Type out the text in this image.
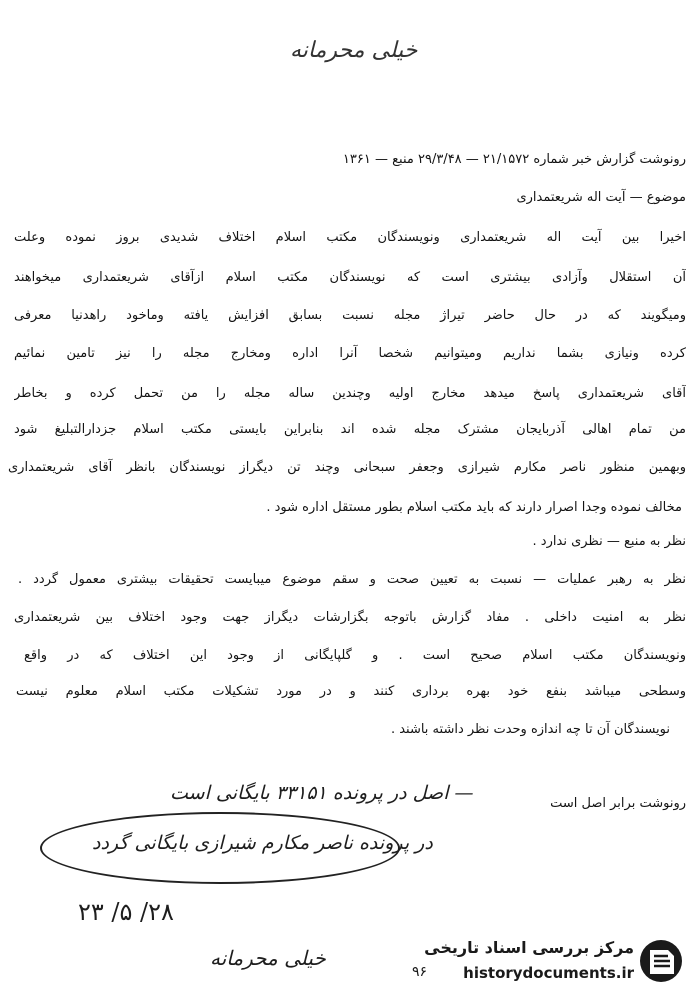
خیلی محرمانه
رونوشت گزارش خبر شماره ۲۱/۱۵۷۲ — ۲۹/۳/۴۸ منبع — ۱۳۶۱
موضوع — آیت اله شریعتمداری
اخیرا بین آیت اله شریعتمداری ونویسندگان مکتب اسلام اختلاف شدیدی بروز نموده وعلت
آن استقلال وآزادی بیشتری است که نویسندگان مکتب اسلام ازآقای شریعتمداری میخواهند
ومیگویند که در حال حاضر تیراژ مجله نسبت بسابق افزایش یافته وماخود راهدنیا معرفی
کرده ونیازی بشما نداریم ومیتوانیم شخصا آنرا اداره ومخارج مجله را نیز تامین نمائیم
آقای شریعتمداری پاسخ میدهد مخارج اولیه وچندین ساله مجله را من تحمل کرده و بخاطر
من تمام اهالی آذربایجان مشترک مجله شده اند بنابراین بایستی مکتب اسلام جزدارالتبلیغ شود
وبهمین منظور ناصر مکارم شیرازی وجعفر سبحانی وچند تن دیگراز نویسندگان بانظر آقای شریعتمداری
مخالف نموده وجدا اصرار دارند که باید مکتب اسلام بطور مستقل اداره شود .
نظر به منبع — نظری ندارد .
نظر به رهبر عملیات — نسبت به تعیین صحت و سقم موضوع میبایست تحقیقات بیشتری معمول گردد .
نظر به امنیت داخلی . مفاد گزارش باتوجه بگزارشات دیگراز جهت وجود اختلاف بین شریعتمداری
ونویسندگان مکتب اسلام صحیح است . و گلپایگانی از وجود این اختلاف که در واقع
وسطحی میباشد بنفع خود بهره برداری کنند و در مورد تشکیلات مکتب اسلام معلوم نیست
نویسندگان آن تا چه اندازه وحدت نظر داشته باشند .
رونوشت برابر اصل است
— اصل در پرونده ۳۳۱۵۱ بایگانی است
در پرونده ناصر مکارم شیرازی بایگانی گردد
۲۸/ ۵/ ۲۳
خیلی محرمانه	مرکز بررسی اسناد تاریخی
historydocuments.ir
۹۶
